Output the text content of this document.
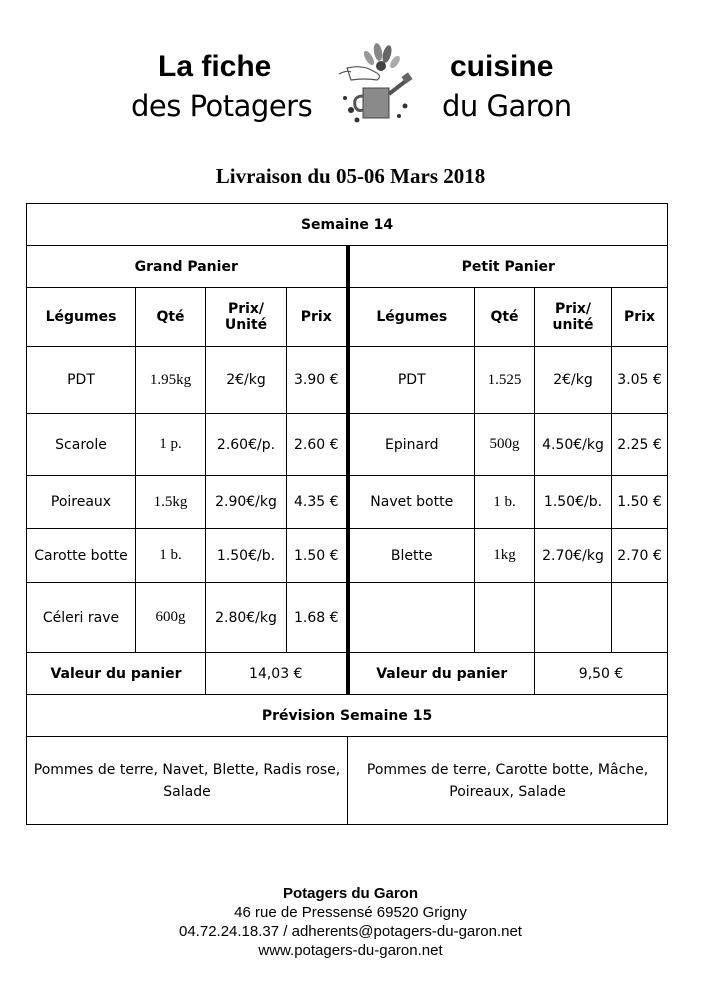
La fiche	cuisine
des Potagers	du Garon
Livraison du 05-06 Mars 2018
Semaine 14							
Grand Panier				Petit Panier			
Légumes	Qté	Prix/ Unité	Prix	Légumes	Qté	Prix/ unité	Prix
PDT	1.95kg	2€/kg	3.90 €	PDT	1.525	2€/kg	3.05 €
Scarole	1 p.	2.60€/p.	2.60 €	Epinard	500g	4.50€/kg	2.25 €
Poireaux	1.5kg	2.90€/kg	4.35 €	Navet botte	1 b.	1.50€/b.	1.50 €
Carotte botte	1 b.	1.50€/b.	1.50 €	Blette	1kg	2.70€/kg	2.70 €
Céleri rave	600g	2.80€/kg	1.68 €				
Valeur du panier		14,03 €		Valeur du panier		9,50 €	
Prévision Semaine 15							
Pommes de terre, Navet, Blette, Radis rose, Salade				Pommes de terre, Carotte botte, Mâche, Poireaux, Salade			
Potagers du Garon
46 rue de Pressensé 69520 Grigny
04.72.24.18.37 / adherents@potagers-du-garon.net
www.potagers-du-garon.net
